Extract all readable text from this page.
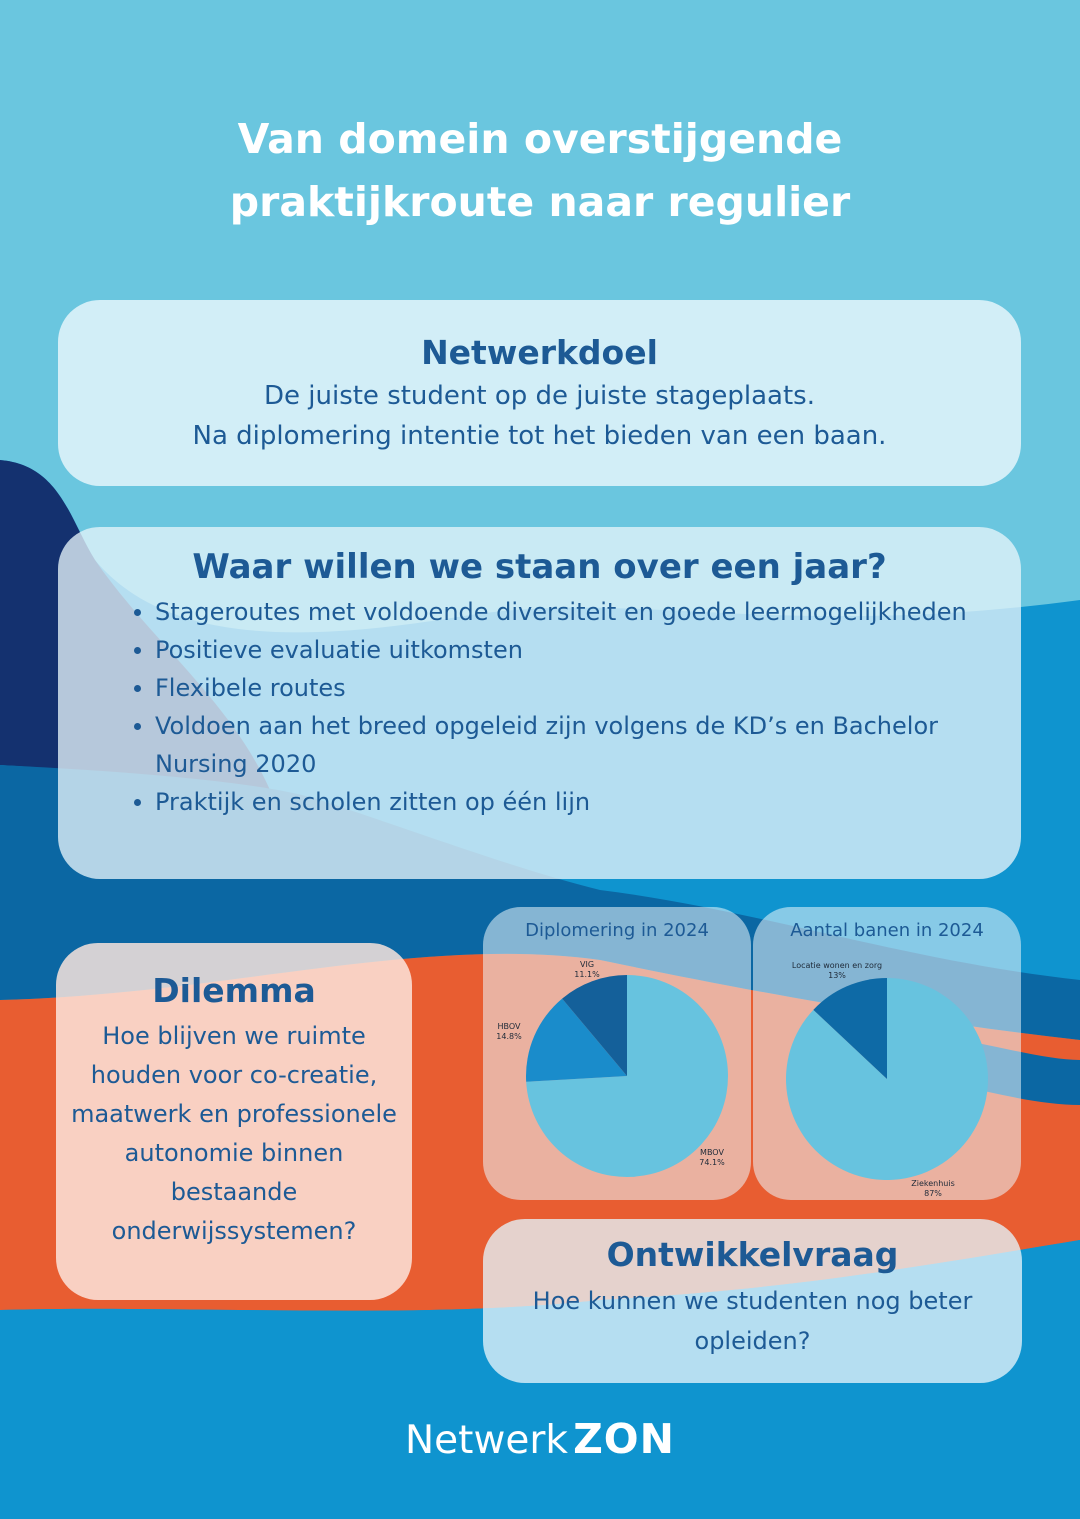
Van domein overstijgende
praktijkroute naar regulier
Netwerkdoel

De juiste student op de juiste stageplaats.

Na diplomering intentie tot het bieden van een baan.

Waar willen we staan over een jaar?
Stageroutes met voldoende diversiteit en goede leermogelijkheden
Positieve evaluatie uitkomsten
Flexibele routes
Voldoen aan het breed opgeleid zijn volgens de KD’s en Bachelor Nursing 2020
Praktijk en scholen zitten op één lijn
Dilemma

Hoe blijven we ruimte houden voor co-creatie, maatwerk en professionele autonomie binnen bestaande onderwijssystemen?

Diplomering in 2024
MBOV
74.1%
HBOV
14.8%
VIG
11.1%
Aantal banen in 2024
Ziekenhuis
87%
Locatie wonen en zorg
13%
Ontwikkelvraag

Hoe kunnen we studenten nog beter opleiden?

Netwerk ZON
